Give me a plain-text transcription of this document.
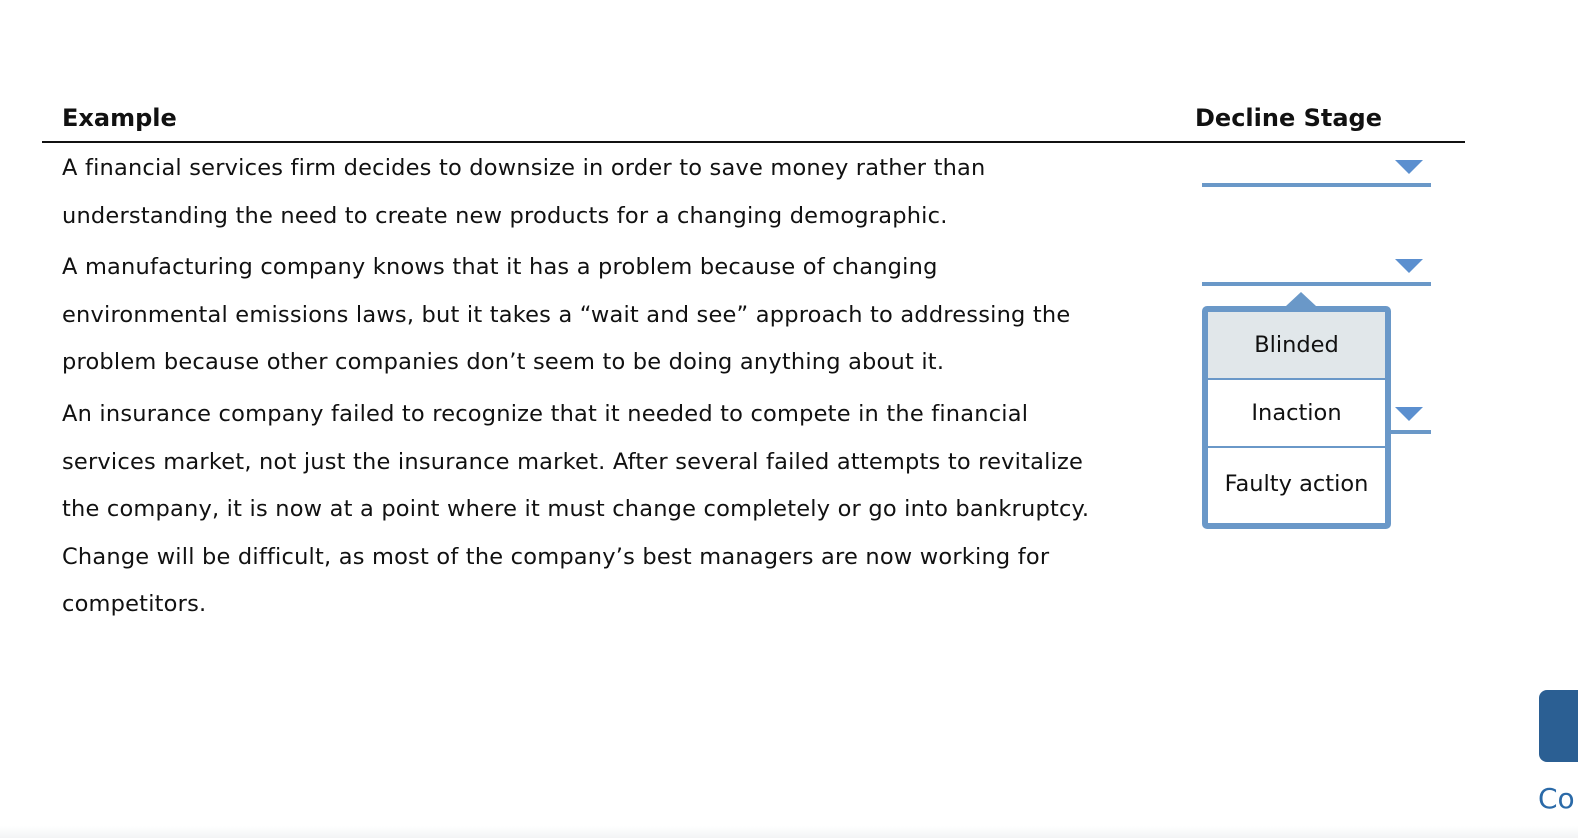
Example	Decline Stage
A financial services firm decides to downsize in order to save money rather than
understanding the need to create new products for a changing demographic.
A manufacturing company knows that it has a problem because of changing
environmental emissions laws, but it takes a “wait and see” approach to addressing the
problem because other companies don’t seem to be doing anything about it.
An insurance company failed to recognize that it needed to compete in the financial
services market, not just the insurance market. After several failed attempts to revitalize
the company, it is now at a point where it must change completely or go into bankruptcy.
Change will be difficult, as most of the company’s best managers are now working for
competitors.
Blinded
Inaction
Faulty action
Co
